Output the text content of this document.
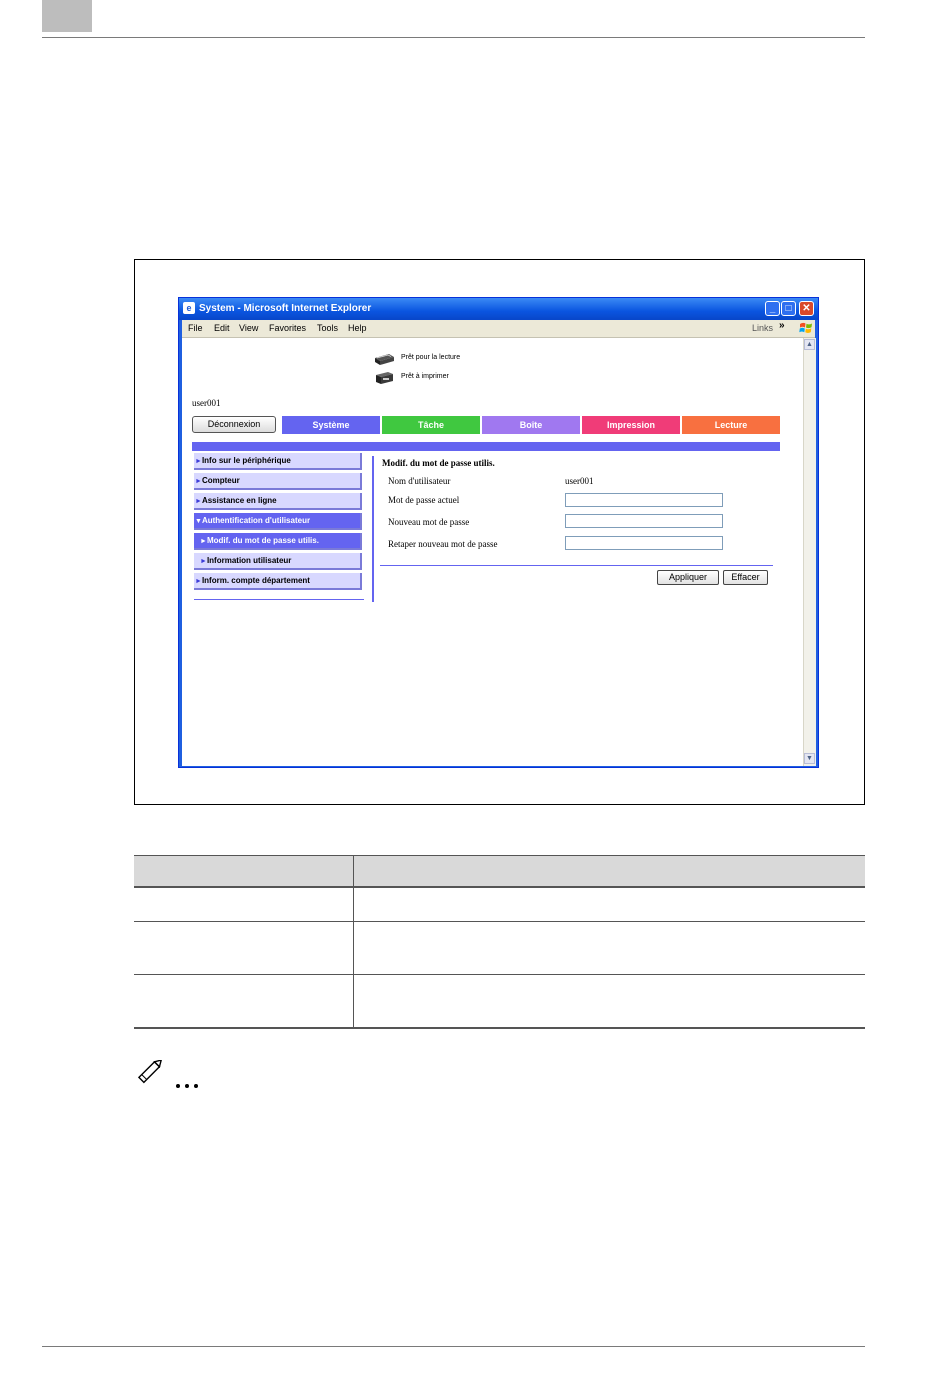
e System - Microsoft Internet Explorer	_	□	✕
File Edit View Favorites Tools Help	Links »
Prêt pour la lecture
Prêt à imprimer
user001
Déconnexion	Système	Tâche	Boîte	Impression	Lecture
►Info sur le périphérique
►Compteur
►Assistance en ligne
▼Authentification d'utilisateur
►Modif. du mot de passe utilis.
►Information utilisateur
►Inform. compte département
Modif. du mot de passe utilis.
Nom d'utilisateur	user001
Mot de passe actuel
Nouveau mot de passe
Retaper nouveau mot de passe
Appliquer	Effacer
▲
▼
